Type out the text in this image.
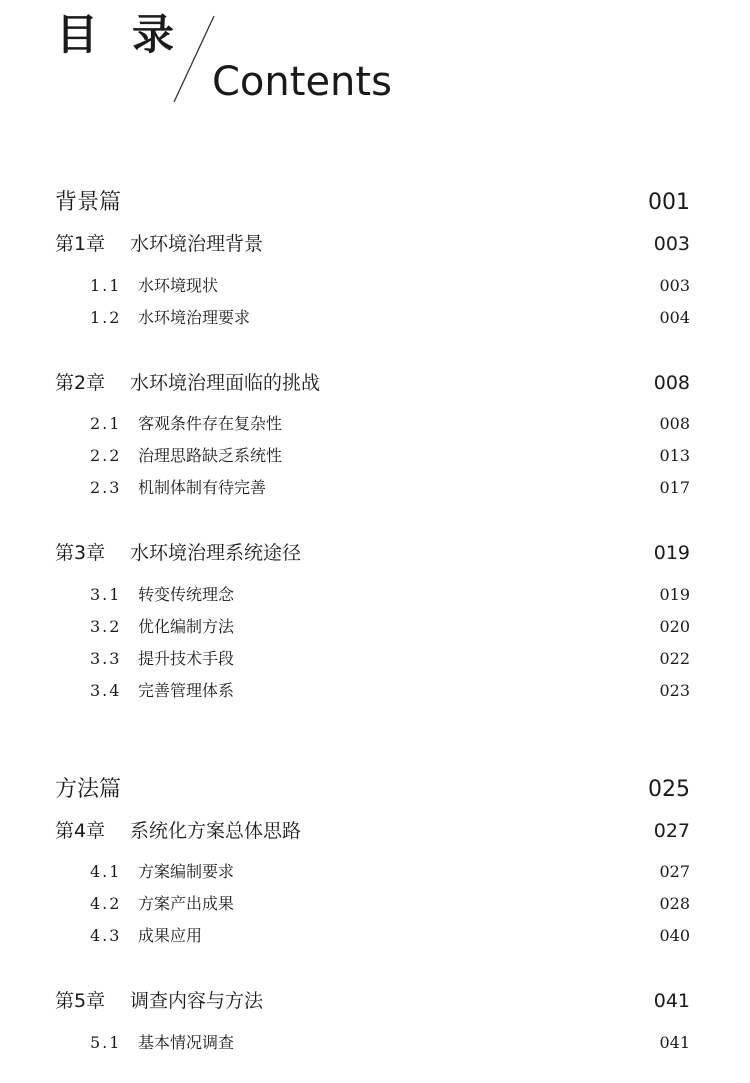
目录
Contents
背景篇	001
第1章 水环境治理背景	003
1.1 水环境现状	003
1.2 水环境治理要求	004
第2章 水环境治理面临的挑战	008
2.1 客观条件存在复杂性	008
2.2 治理思路缺乏系统性	013
2.3 机制体制有待完善	017
第3章 水环境治理系统途径	019
3.1 转变传统理念	019
3.2 优化编制方法	020
3.3 提升技术手段	022
3.4 完善管理体系	023
方法篇	025
第4章 系统化方案总体思路	027
4.1 方案编制要求	027
4.2 方案产出成果	028
4.3 成果应用	040
第5章 调查内容与方法	041
5.1 基本情况调查	041
